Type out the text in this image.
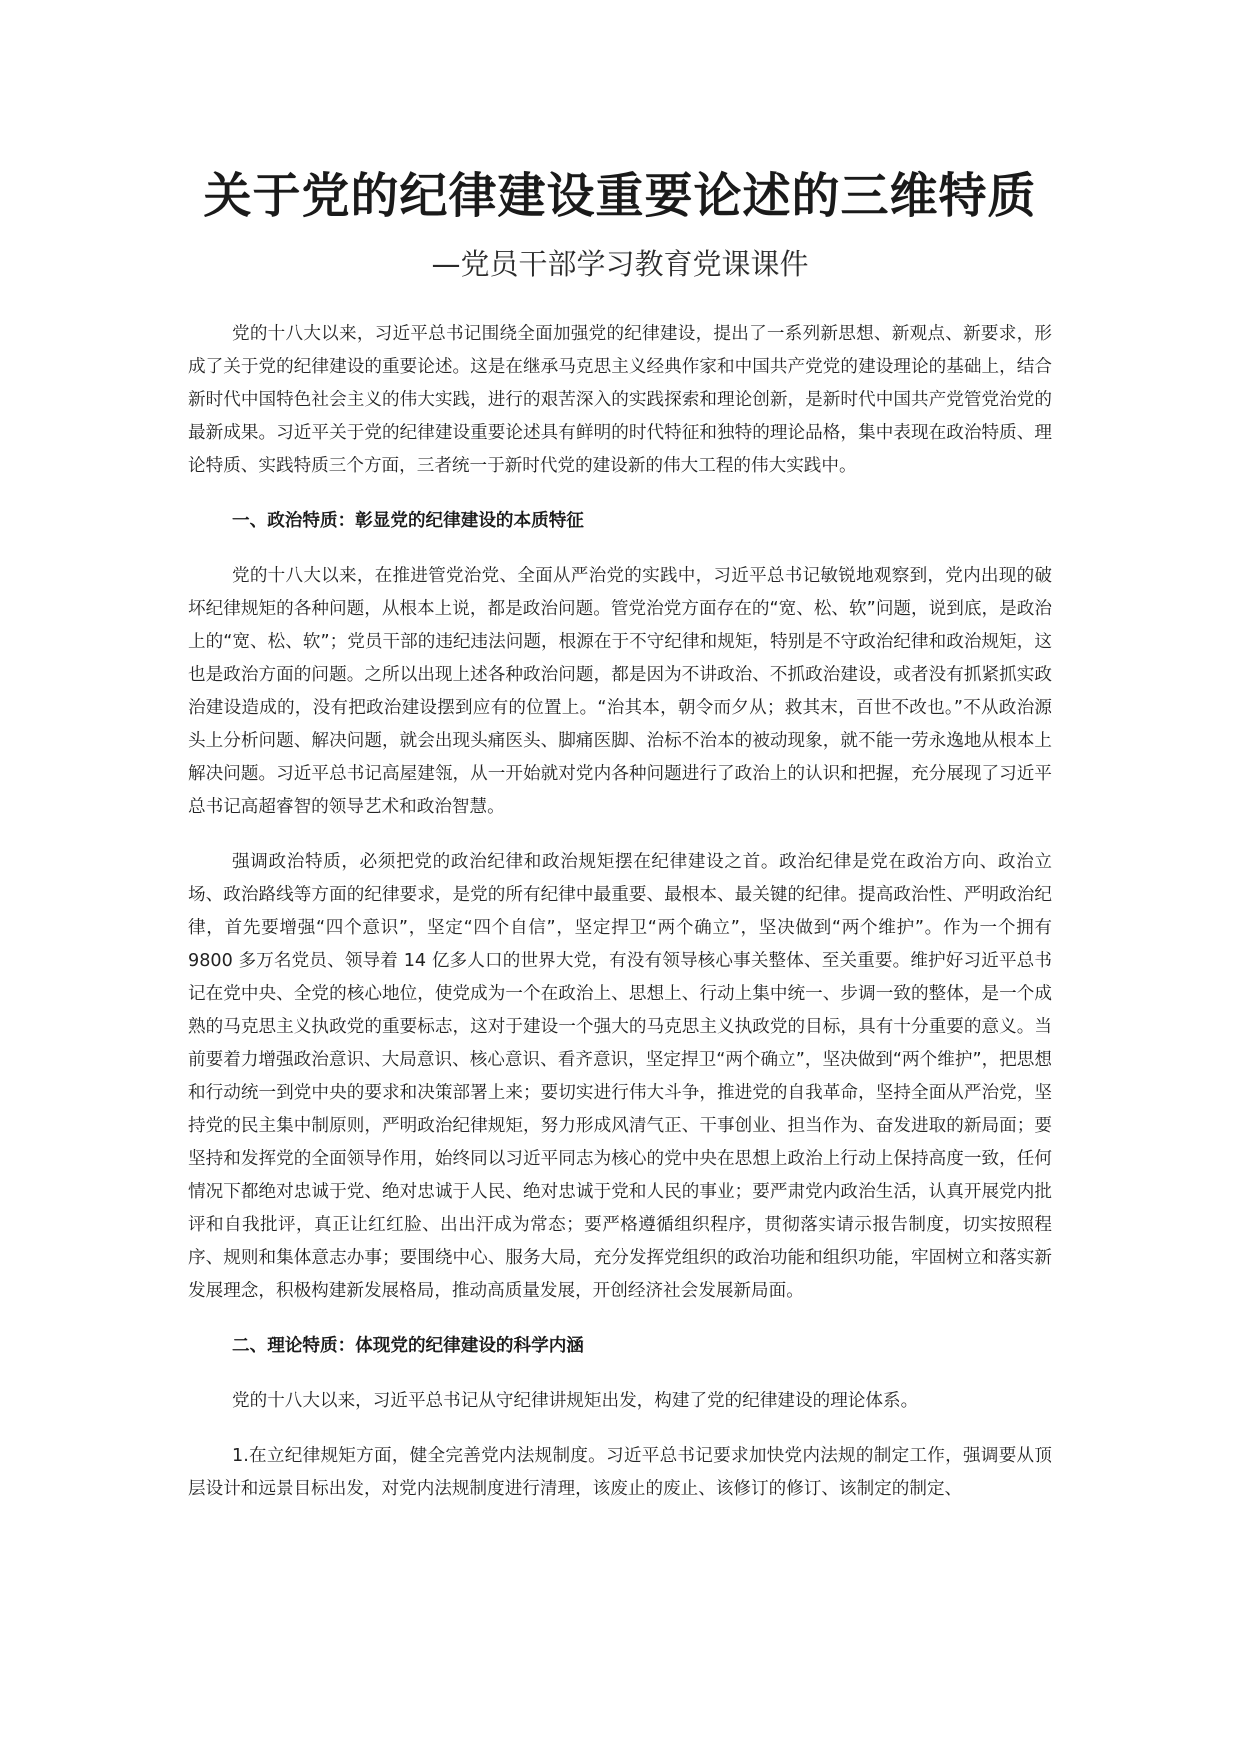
关于党的纪律建设重要论述的三维特质
—党员干部学习教育党课课件

党的十八大以来，习近平总书记围绕全面加强党的纪律建设，提出了一系列新思想、新观点、新要求，形成了关于党的纪律建设的重要论述。这是在继承马克思主义经典作家和中国共产党党的建设理论的基础上，结合新时代中国特色社会主义的伟大实践，进行的艰苦深入的实践探索和理论创新，是新时代中国共产党管党治党的最新成果。习近平关于党的纪律建设重要论述具有鲜明的时代特征和独特的理论品格，集中表现在政治特质、理论特质、实践特质三个方面，三者统一于新时代党的建设新的伟大工程的伟大实践中。

一、政治特质：彰显党的纪律建设的本质特征

党的十八大以来，在推进管党治党、全面从严治党的实践中，习近平总书记敏锐地观察到，党内出现的破坏纪律规矩的各种问题，从根本上说，都是政治问题。管党治党方面存在的“宽、松、软”问题，说到底，是政治上的“宽、松、软”；党员干部的违纪违法问题，根源在于不守纪律和规矩，特别是不守政治纪律和政治规矩，这也是政治方面的问题。之所以出现上述各种政治问题，都是因为不讲政治、不抓政治建设，或者没有抓紧抓实政治建设造成的，没有把政治建设摆到应有的位置上。“治其本，朝令而夕从；救其末，百世不改也。”不从政治源头上分析问题、解决问题，就会出现头痛医头、脚痛医脚、治标不治本的被动现象，就不能一劳永逸地从根本上解决问题。习近平总书记高屋建瓴，从一开始就对党内各种问题进行了政治上的认识和把握，充分展现了习近平总书记高超睿智的领导艺术和政治智慧。

强调政治特质，必须把党的政治纪律和政治规矩摆在纪律建设之首。政治纪律是党在政治方向、政治立场、政治路线等方面的纪律要求，是党的所有纪律中最重要、最根本、最关键的纪律。提高政治性、严明政治纪律，首先要增强“四个意识”，坚定“四个自信”，坚定捍卫“两个确立”，坚决做到“两个维护”。作为一个拥有 9800 多万名党员、领导着 14 亿多人口的世界大党，有没有领导核心事关整体、至关重要。维护好习近平总书记在党中央、全党的核心地位，使党成为一个在政治上、思想上、行动上集中统一、步调一致的整体，是一个成熟的马克思主义执政党的重要标志，这对于建设一个强大的马克思主义执政党的目标，具有十分重要的意义。当前要着力增强政治意识、大局意识、核心意识、看齐意识，坚定捍卫“两个确立”，坚决做到“两个维护”，把思想和行动统一到党中央的要求和决策部署上来；要切实进行伟大斗争，推进党的自我革命，坚持全面从严治党，坚持党的民主集中制原则，严明政治纪律规矩，努力形成风清气正、干事创业、担当作为、奋发进取的新局面；要坚持和发挥党的全面领导作用，始终同以习近平同志为核心的党中央在思想上政治上行动上保持高度一致，任何情况下都绝对忠诚于党、绝对忠诚于人民、绝对忠诚于党和人民的事业；要严肃党内政治生活，认真开展党内批评和自我批评，真正让红红脸、出出汗成为常态；要严格遵循组织程序，贯彻落实请示报告制度，切实按照程序、规则和集体意志办事；要围绕中心、服务大局，充分发挥党组织的政治功能和组织功能，牢固树立和落实新发展理念，积极构建新发展格局，推动高质量发展，开创经济社会发展新局面。

二、理论特质：体现党的纪律建设的科学内涵

党的十八大以来，习近平总书记从守纪律讲规矩出发，构建了党的纪律建设的理论体系。

1.在立纪律规矩方面，健全完善党内法规制度。习近平总书记要求加快党内法规的制定工作，强调要从顶层设计和远景目标出发，对党内法规制度进行清理，该废止的废止、该修订的修订、该制定的制定、
